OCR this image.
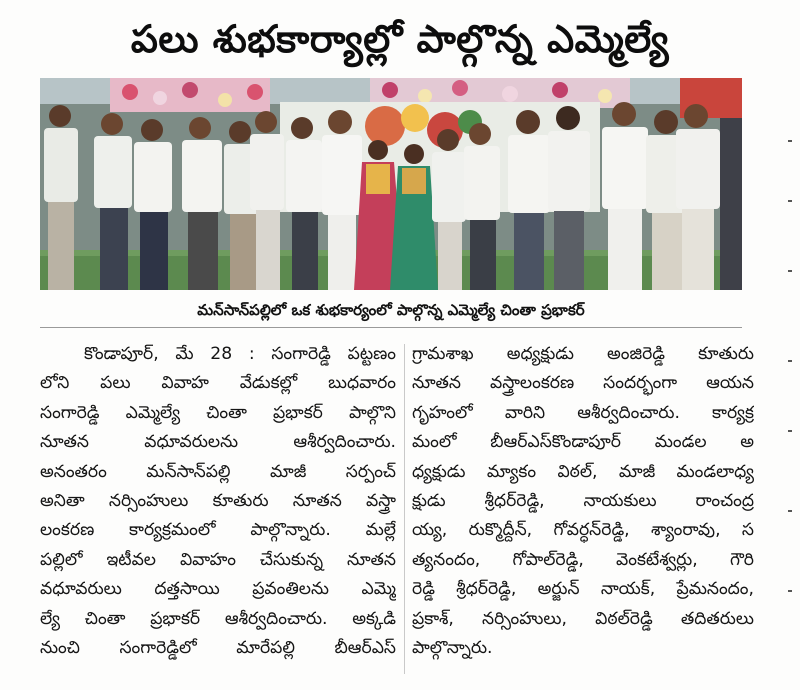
పలు శుభకార్యాల్లో పాల్గొన్న ఎమ్మెల్యే
మన్‌సాన్‌పల్లిలో ఒక శుభకార్యంలో పాల్గొన్న ఎమ్మెల్యే చింతా ప్రభాకర్
కొండాపూర్, మే 28 : సంగారెడ్డి పట్టణం
లోని పలు వివాహ వేడుకల్లో బుధవారం
సంగారెడ్డి ఎమ్మెల్యే చింతా ప్రభాకర్ పాల్గొని
నూతన వధూవరులను ఆశీర్వదించారు.
అనంతరం మన్‌సాన్‌పల్లి మాజీ సర్పంచ్
అనితా నర్సింహులు కూతురు నూతన వస్త్రా
లంకరణ కార్యక్రమంలో పాల్గొన్నారు. మల్లే
పల్లిలో ఇటీవల వివాహం చేసుకున్న నూతన
వధూవరులు దత్తసాయి ప్రవంతిలను ఎమ్మె
ల్యే చింతా ప్రభాకర్ ఆశీర్వదించారు. అక్కడి
నుంచి సంగారెడ్డిలో మారేపల్లి బీఆర్ఎస్
గ్రామశాఖ అధ్యక్షుడు అంజిరెడ్డి కూతురు
నూతన వస్త్రాలంకరణ సందర్భంగా ఆయన
గృహంలో వారిని ఆశీర్వదించారు. కార్యక్ర
మంలో బీఆర్ఎస్‌కొండాపూర్ మండల అ
ధ్యక్షుడు మ్యాకం విఠల్, మాజీ మండలాధ్య
క్షుడు శ్రీధర్‌రెడ్డి, నాయకులు రాంచంద్ర
య్య, రుక్మొద్దీన్, గోవర్ధన్‌రెడ్డి, శ్యాంరావు, స
త్యనందం, గోపాల్‌రెడ్డి, వెంకటేశ్వర్లు, గౌరి
రెడ్డి శ్రీధర్‌రెడ్డి, అర్జున్ నాయక్, ప్రేమనందం,
ప్రకాశ్, నర్సింహులు, విఠల్‌రెడ్డి తదితరులు
పాల్గొన్నారు.
